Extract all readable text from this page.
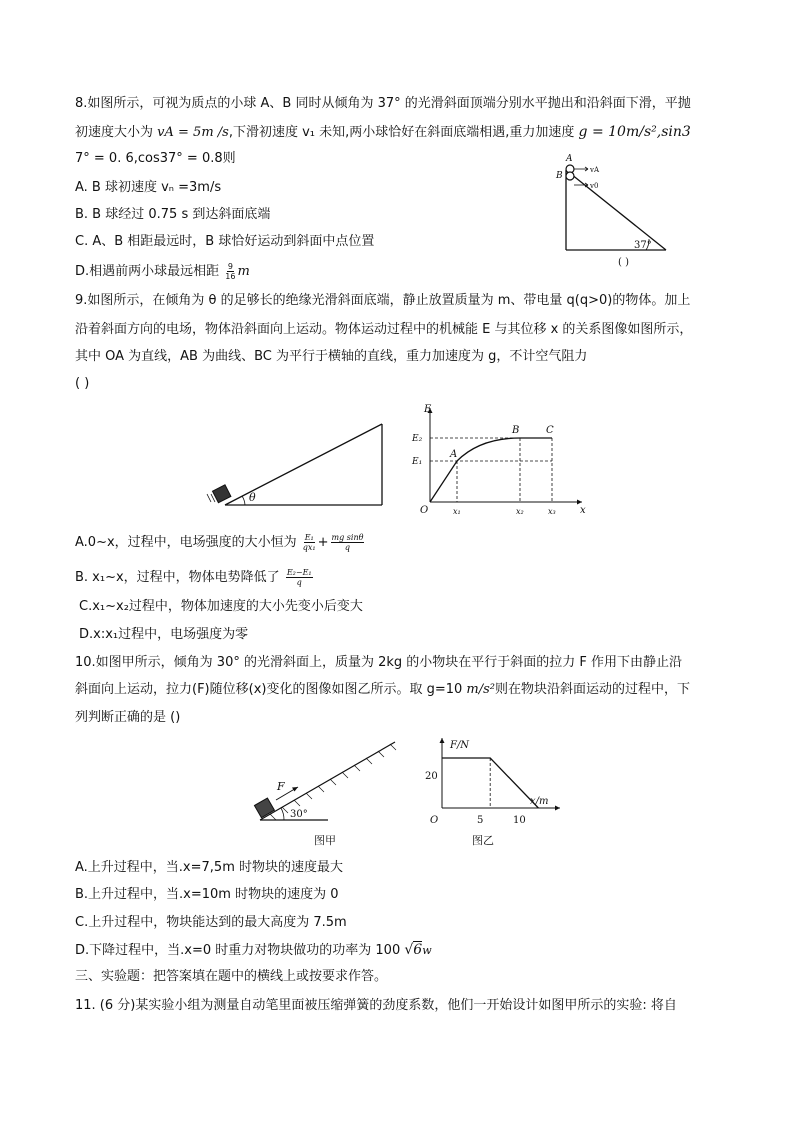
8.如图所示，可视为质点的小球 A、B 同时从倾角为 37° 的光滑斜面顶端分别水平抛出和沿斜面下滑，平抛
初速度大小为 vA = 5m /s,下滑初速度 v₁ 未知,两小球恰好在斜面底端相遇,重力加速度 g = 10m/s²,sin3
7° = 0. 6,cos37° = 0.8则
A. B 球初速度 vₙ =3m/s
B. B 球经过 0.75 s 到达斜面底端
C. A、B 相距最远时，B 球恰好运动到斜面中点位置
D.相遇前两小球最远相距 $\frac{9}{16}$ m
A
B
vA
v0
37°
( )
9.如图所示，在倾角为 θ 的足够长的绝缘光滑斜面底端，静止放置质量为 m、带电量 q(q>0)的物体。加上
沿着斜面方向的电场，物体沿斜面向上运动。物体运动过程中的机械能 E 与其位移 x 的关系图像如图所示，
其中 OA 为直线，AB 为曲线、BC 为平行于横轴的直线，重力加速度为 g，不计空气阻力
( )
θ
E
x
O
A
B	C
E₁
E₂
x₁	x₂	x₃
A.0~x，过程中，电场强度的大小恒为 $\frac{\text{E₁}}{\text{qx₁}} + \frac{\text{mg sinθ}}{q}$
B. x₁~x，过程中，物体电势降低了 $\frac{\text{E₂−E₁}}{q}$
C.x₁~x₂过程中，物体加速度的大小先变小后变大
D.x:x₁过程中，电场强度为零
10.如图甲所示，倾角为 30° 的光滑斜面上，质量为 2kg 的小物块在平行于斜面的拉力 F 作用下由静止沿
斜面向上运动，拉力(F)随位移(x)变化的图像如图乙所示。取 g=10 m/s²则在物块沿斜面运动的过程中，下
列判断正确的是 ()
F
30°
图甲
F/N
x/m
O
20
5	10
图乙
A.上升过程中，当.x=7,5m 时物块的速度最大
B.上升过程中，当.x=10m 时物块的速度为 0
C.上升过程中，物块能达到的最大高度为 7.5m
D.下降过程中，当.x=0 时重力对物块做功的功率为 100 √6w
三、实验题：把答案填在题中的横线上或按要求作答。
11. (6 分)某实验小组为测量自动笔里面被压缩弹簧的劲度系数，他们一开始设计如图甲所示的实验: 将自
